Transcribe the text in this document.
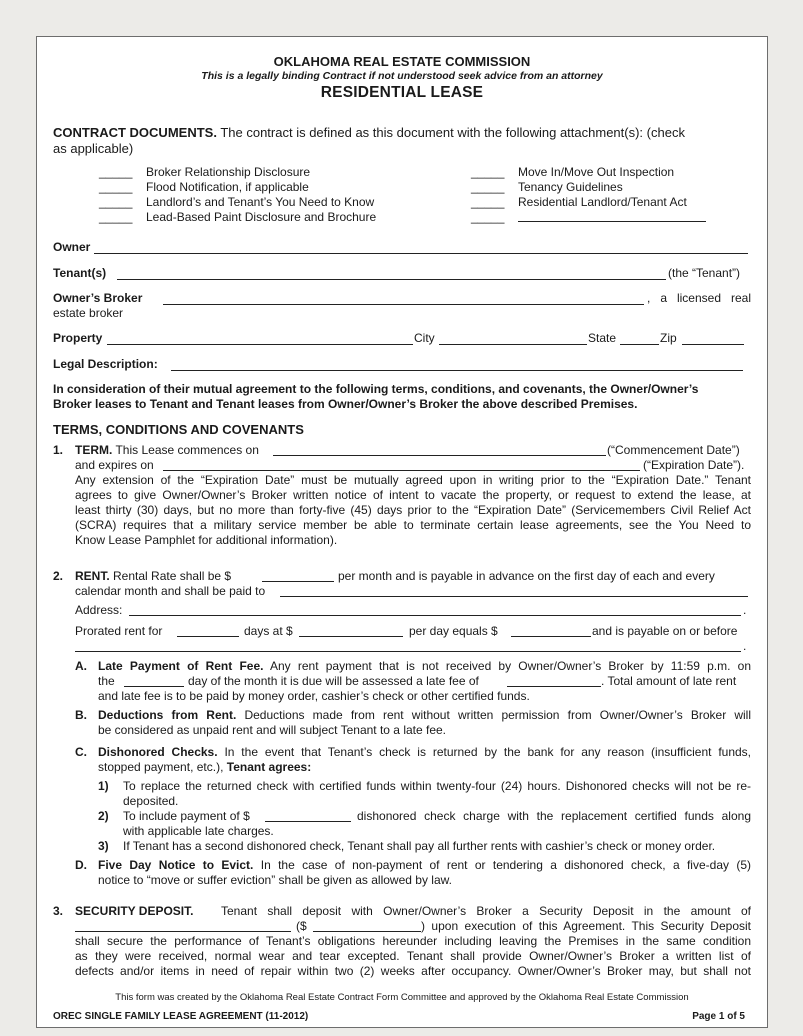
OKLAHOMA REAL ESTATE COMMISSION
This is a legally binding Contract if not understood seek advice from an attorney
RESIDENTIAL LEASE
CONTRACT DOCUMENTS. The contract is defined as this document with the following attachment(s): (check
as applicable)
_____ Broker Relationship Disclosure
_____ Flood Notification, if applicable
_____ Landlord’s and Tenant’s You Need to Know
_____ Lead-Based Paint Disclosure and Brochure
_____ Move In/Move Out Inspection
_____ Tenancy Guidelines
_____ Residential Landlord/Tenant Act
_____
Owner
Tenant(s)	(the “Tenant”)
Owner’s Broker	, a licensed real
estate broker
Property	City	State	Zip
Legal Description:
In consideration of their mutual agreement to the following terms, conditions, and covenants, the Owner/Owner’s
Broker leases to Tenant and Tenant leases from Owner/Owner’s Broker the above described Premises.
TERMS, CONDITIONS AND COVENANTS
1. TERM. This Lease commences on	(“Commencement Date”)
and expires on	(“Expiration Date”).
Any extension of the “Expiration Date” must be mutually agreed upon in writing prior to the “Expiration Date.” Tenant
agrees to give Owner/Owner’s Broker written notice of intent to vacate the property, or request to extend the lease, at
least thirty (30) days, but no more than forty-five (45) days prior to the “Expiration Date” (Servicemembers Civil Relief Act
(SCRA) requires that a military service member be able to terminate certain lease agreements, see the You Need to
Know Lease Pamphlet for additional information).
2. RENT. Rental Rate shall be $	per month and is payable in advance on the first day of each and every
calendar month and shall be paid to
Address:	.
Prorated rent for	days at $	per day equals $	and is payable on or before
.
A. Late Payment of Rent Fee. Any rent payment that is not received by Owner/Owner’s Broker by 11:59 p.m. on
the	day of the month it is due will be assessed a late fee of	. Total amount of late rent
and late fee is to be paid by money order, cashier’s check or other certified funds.
B. Deductions from Rent. Deductions made from rent without written permission from Owner/Owner’s Broker will
be considered as unpaid rent and will subject Tenant to a late fee.
C. Dishonored Checks. In the event that Tenant’s check is returned by the bank for any reason (insufficient funds,
stopped payment, etc.), Tenant agrees:
1) To replace the returned check with certified funds within twenty-four (24) hours. Dishonored checks will not be re-
deposited.
2) To include payment of $	dishonored check charge with the replacement certified funds along
with applicable late charges.
3) If Tenant has a second dishonored check, Tenant shall pay all further rents with cashier’s check or money order.
D. Five Day Notice to Evict. In the case of non-payment of rent or tendering a dishonored check, a five-day (5)
notice to “move or suffer eviction” shall be given as allowed by law.
3. SECURITY DEPOSIT. Tenant shall deposit with Owner/Owner’s Broker a Security Deposit in the amount of
($	) upon execution of this Agreement. This Security Deposit
shall secure the performance of Tenant’s obligations hereunder including leaving the Premises in the same condition
as they were received, normal wear and tear excepted. Tenant shall provide Owner/Owner’s Broker a written list of
defects and/or items in need of repair within two (2) weeks after occupancy. Owner/Owner’s Broker may, but shall not
This form was created by the Oklahoma Real Estate Contract Form Committee and approved by the Oklahoma Real Estate Commission
OREC SINGLE FAMILY LEASE AGREEMENT (11-2012)	Page 1 of 5
